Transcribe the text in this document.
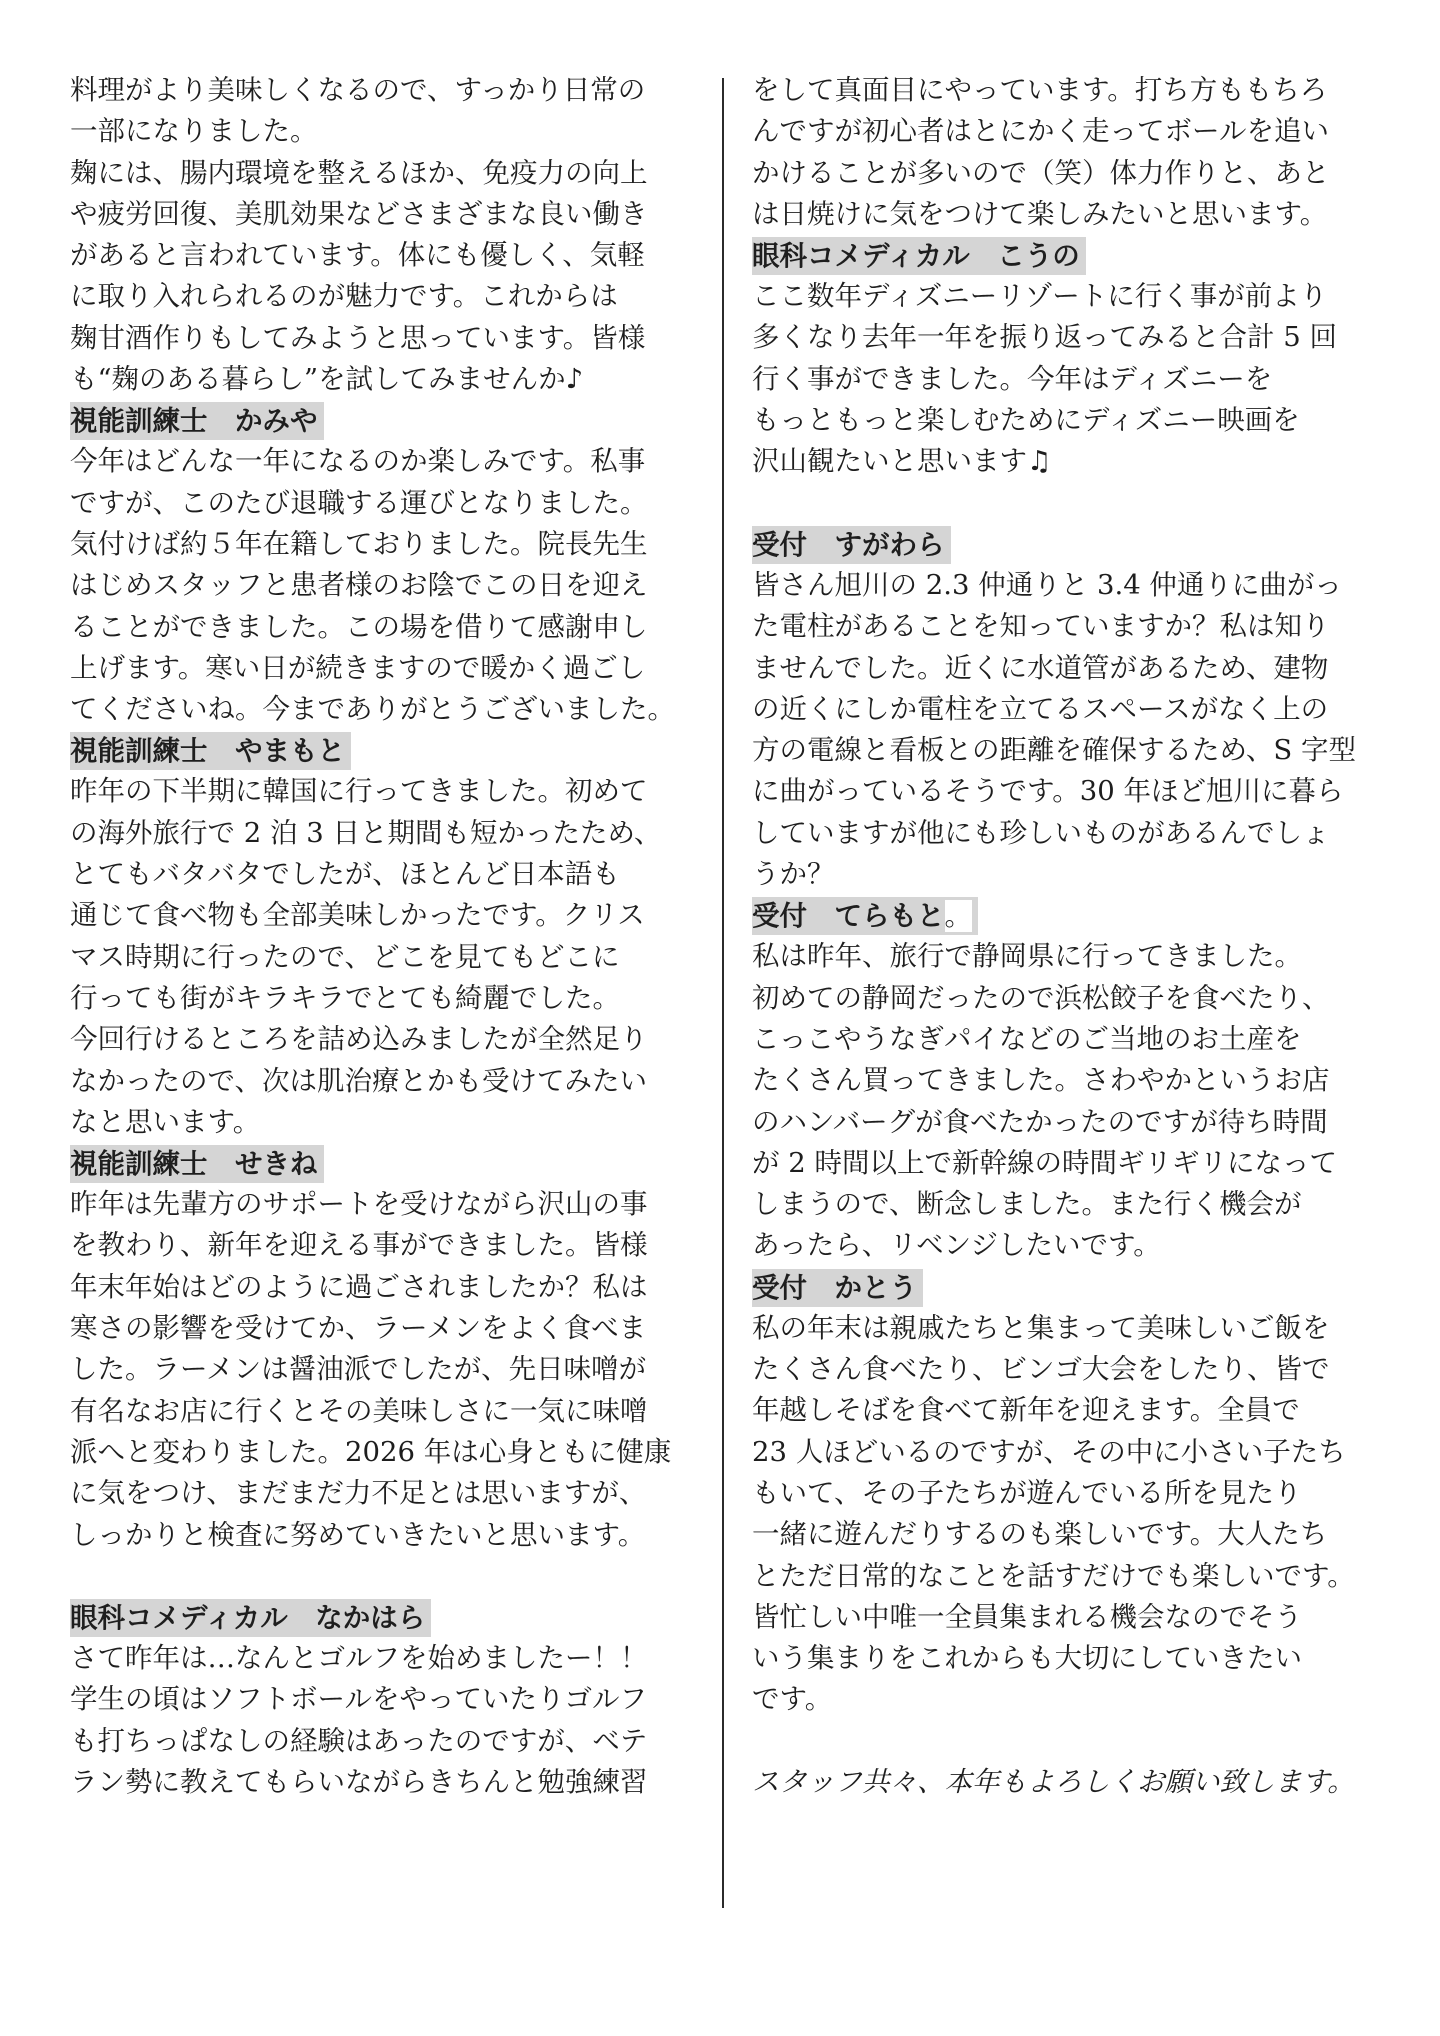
料理がより美味しくなるので、すっかり日常の
一部になりました。
麹には、腸内環境を整えるほか、免疫力の向上
や疲労回復、美肌効果などさまざまな良い働き
があると言われています。体にも優しく、気軽
に取り入れられるのが魅力です。これからは
麹甘酒作りもしてみようと思っています。皆様
も“麹のある暮らし”を試してみませんか♪
視能訓練士　かみや
今年はどんな一年になるのか楽しみです。私事
ですが、このたび退職する運びとなりました。
気付けば約５年在籍しておりました。院長先生
はじめスタッフと患者様のお陰でこの日を迎え
ることができました。この場を借りて感謝申し
上げます。寒い日が続きますので暖かく過ごし
てくださいね。今までありがとうございました。
視能訓練士　やまもと
昨年の下半期に韓国に行ってきました。初めて
の海外旅行で 2 泊 3 日と期間も短かったため、
とてもバタバタでしたが、ほとんど日本語も
通じて食べ物も全部美味しかったです。クリス
マス時期に行ったので、どこを見てもどこに
行っても街がキラキラでとても綺麗でした。
今回行けるところを詰め込みましたが全然足り
なかったので、次は肌治療とかも受けてみたい
なと思います。
視能訓練士　せきね
昨年は先輩方のサポートを受けながら沢山の事
を教わり、新年を迎える事ができました。皆様
年末年始はどのように過ごされましたか？私は
寒さの影響を受けてか、ラーメンをよく食べま
した。ラーメンは醤油派でしたが、先日味噌が
有名なお店に行くとその美味しさに一気に味噌
派へと変わりました。2026 年は心身ともに健康
に気をつけ、まだまだ力不足とは思いますが、
しっかりと検査に努めていきたいと思います。
眼科コメディカル　なかはら
さて昨年は…なんとゴルフを始めましたー！！
学生の頃はソフトボールをやっていたりゴルフ
も打ちっぱなしの経験はあったのですが、ベテ
ラン勢に教えてもらいながらきちんと勉強練習
をして真面目にやっています。打ち方ももちろ
んですが初心者はとにかく走ってボールを追い
かけることが多いので（笑）体力作りと、あと
は日焼けに気をつけて楽しみたいと思います。
眼科コメディカル　こうの
ここ数年ディズニーリゾートに行く事が前より
多くなり去年一年を振り返ってみると合計 5 回
行く事ができました。今年はディズニーを
もっともっと楽しむためにディズニー映画を
沢山観たいと思います♫
受付　すがわら
皆さん旭川の 2.3 仲通りと 3.4 仲通りに曲がっ
た電柱があることを知っていますか？私は知り
ませんでした。近くに水道管があるため、建物
の近くにしか電柱を立てるスペースがなく上の
方の電線と看板との距離を確保するため、S 字型
に曲がっているそうです。30 年ほど旭川に暮ら
していますが他にも珍しいものがあるんでしょ
うか？
受付　てらもと。
私は昨年、旅行で静岡県に行ってきました。
初めての静岡だったので浜松餃子を食べたり、
こっこやうなぎパイなどのご当地のお土産を
たくさん買ってきました。さわやかというお店
のハンバーグが食べたかったのですが待ち時間
が 2 時間以上で新幹線の時間ギリギリになって
しまうので、断念しました。また行く機会が
あったら、リベンジしたいです。
受付　かとう
私の年末は親戚たちと集まって美味しいご飯を
たくさん食べたり、ビンゴ大会をしたり、皆で
年越しそばを食べて新年を迎えます。全員で
23 人ほどいるのですが、その中に小さい子たち
もいて、その子たちが遊んでいる所を見たり
一緒に遊んだりするのも楽しいです。大人たち
とただ日常的なことを話すだけでも楽しいです。
皆忙しい中唯一全員集まれる機会なのでそう
いう集まりをこれからも大切にしていきたい
です。
スタッフ共々、本年もよろしくお願い致します。
